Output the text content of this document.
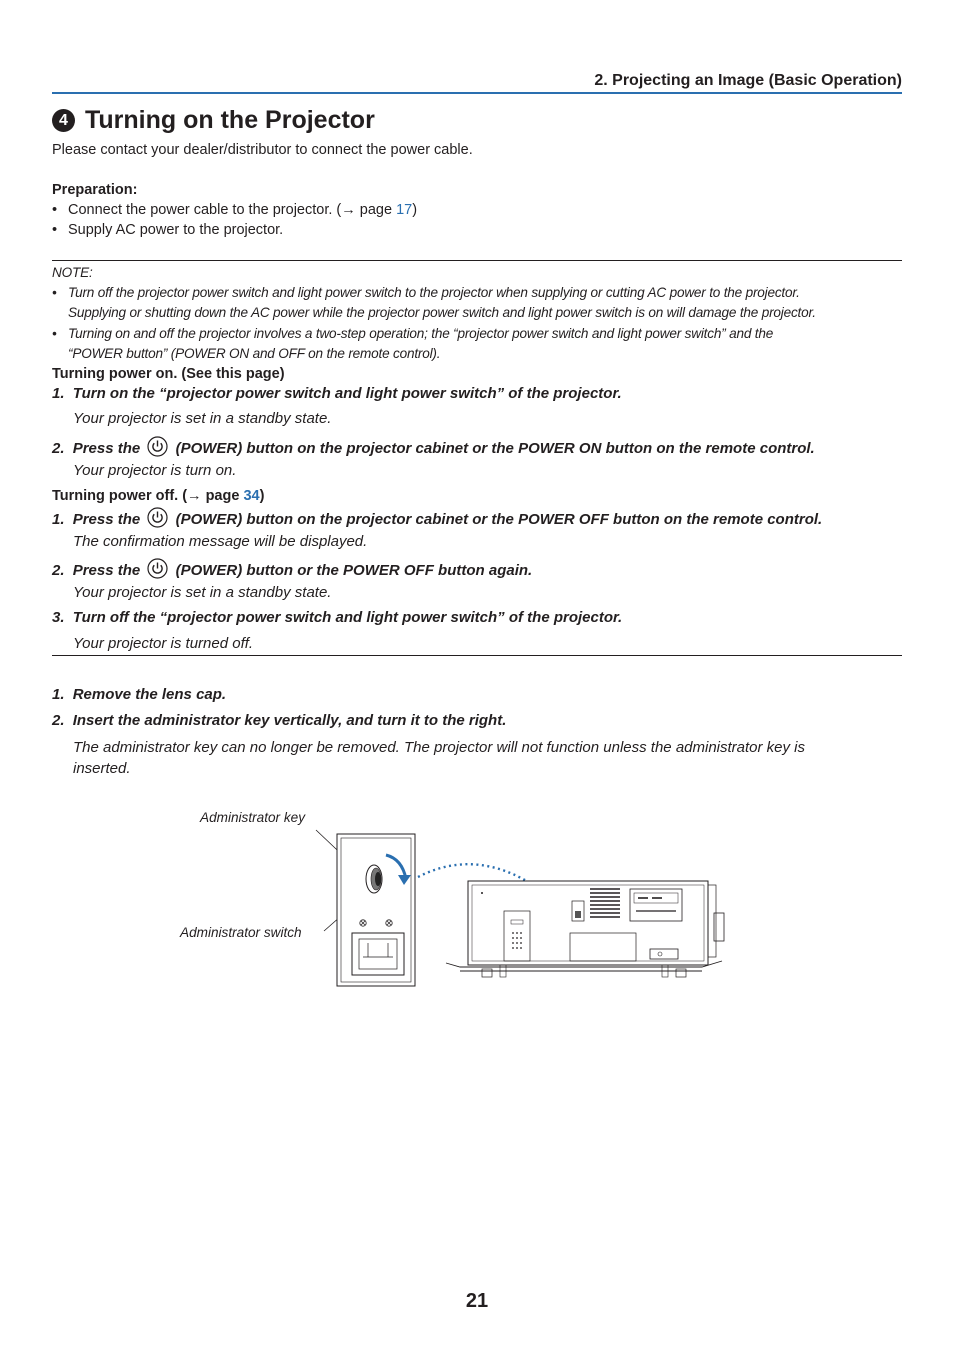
2. Projecting an Image (Basic Operation)
4 Turning on the Projector
Please contact your dealer/distributor to connect the power cable.
Preparation:
• Connect the power cable to the projector. (→ page 17)
• Supply AC power to the projector.
NOTE:
• Turn off the projector power switch and light power switch to the projector when supplying or cutting AC power to the projector.
Supplying or shutting down the AC power while the projector power switch and light power switch is on will damage the projector.
• Turning on and off the projector involves a two-step operation; the “projector power switch and light power switch” and the
“POWER button” (POWER ON and OFF on the remote control).
Turning power on. (See this page)
1. Turn on the “projector power switch and light power switch” of the projector.
Your projector is set in a standby state.
2. Press the (POWER) button on the projector cabinet or the POWER ON button on the remote control.
Your projector is turn on.
Turning power off. (→ page 34)
1. Press the (POWER) button on the projector cabinet or the POWER OFF button on the remote control.
The confirmation message will be displayed.
2. Press the (POWER) button or the POWER OFF button again.
Your projector is set in a standby state.
3. Turn off the “projector power switch and light power switch” of the projector.
Your projector is turned off.
1. Remove the lens cap.
2. Insert the administrator key vertically, and turn it to the right.
The administrator key can no longer be removed. The projector will not function unless the administrator key is
inserted.
Administrator key
Administrator switch
21
